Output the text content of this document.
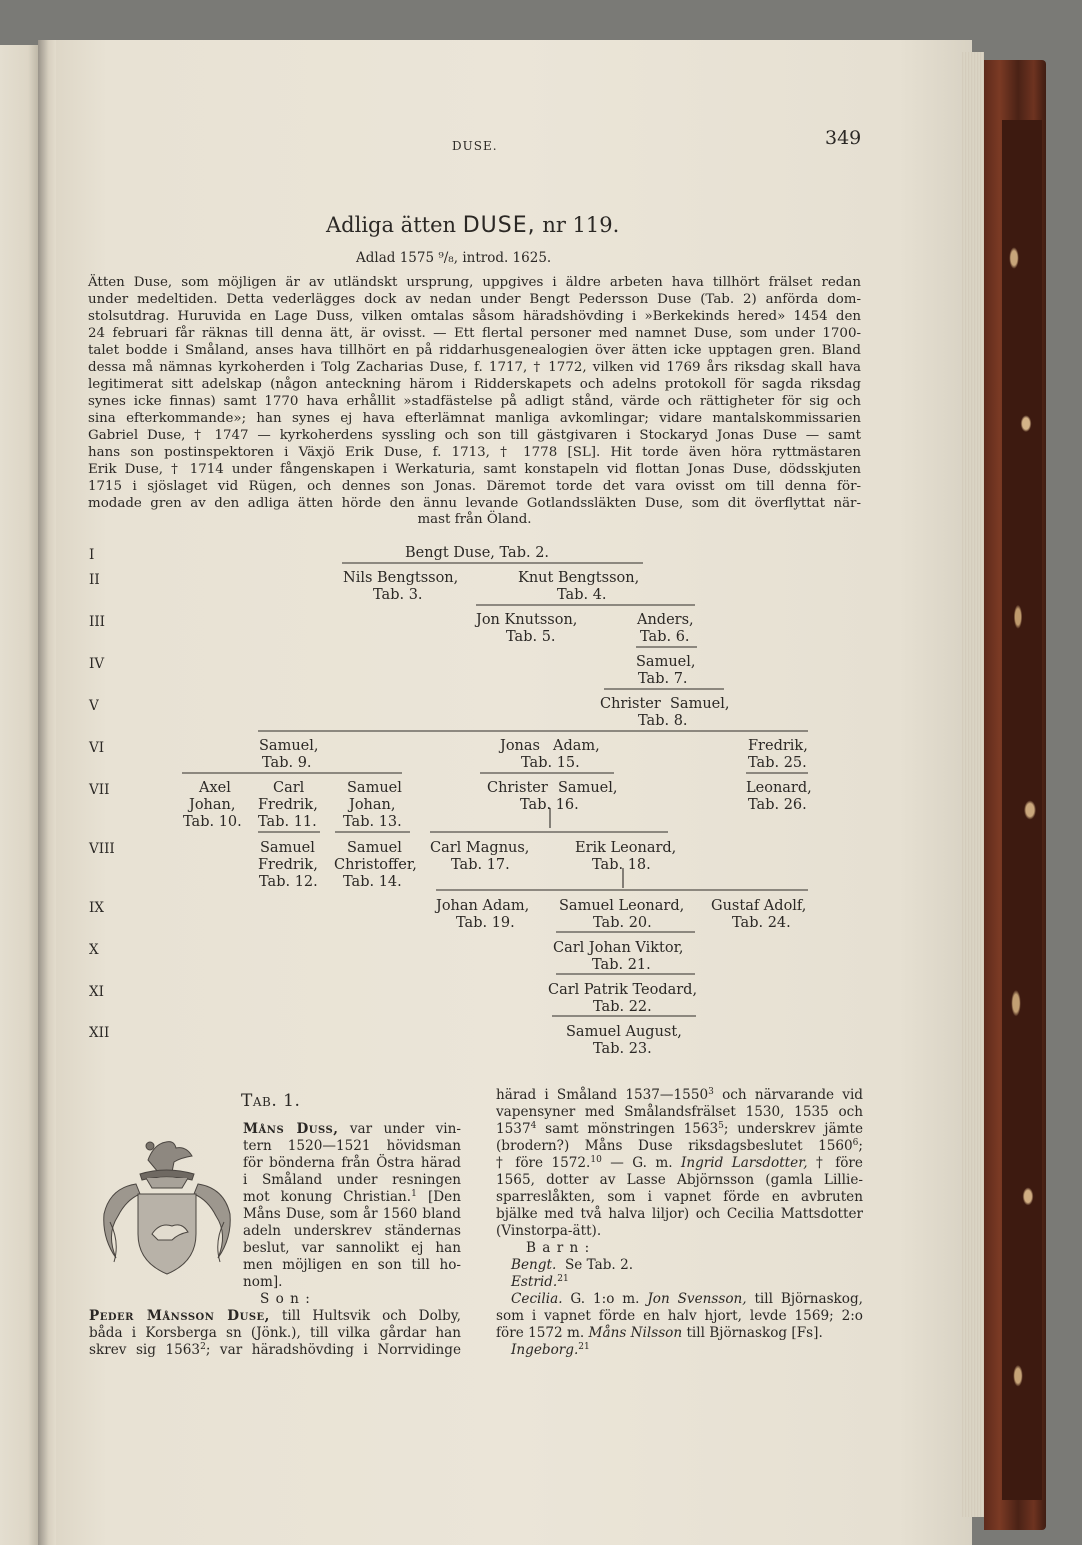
DUSE.	349
Adliga ätten DUSE, nr 119.
Adlad 1575 ⁹/₈, introd. 1625.
Ätten Duse, som möjligen är av utländskt ursprung, uppgives i äldre arbeten hava tillhört frälset redan
under medeltiden. Detta vederlägges dock av nedan under Bengt Pedersson Duse (Tab. 2) anförda dom-
stolsutdrag. Huruvida en Lage Duss, vilken omtalas såsom häradshövding i »Berkekinds hered» 1454 den
24 februari får räknas till denna ätt, är ovisst. — Ett flertal personer med namnet Duse, som under 1700-
talet bodde i Småland, anses hava tillhört en på riddarhusgenealogien över ätten icke upptagen gren. Bland
dessa må nämnas kyrkoherden i Tolg Zacharias Duse, f. 1717, † 1772, vilken vid 1769 års riksdag skall hava
legitimerat sitt adelskap (någon anteckning härom i Ridderskapets och adelns protokoll för sagda riksdag
synes icke finnas) samt 1770 hava erhållit »stadfästelse på adligt stånd, värde och rättigheter för sig och
sina efterkommande»; han synes ej hava efterlämnat manliga avkomlingar; vidare mantalskommissarien
Gabriel Duse, † 1747 — kyrkoherdens syssling och son till gästgivaren i Stockaryd Jonas Duse — samt
hans son postinspektoren i Växjö Erik Duse, f. 1713, † 1778 [SL]. Hit torde även höra ryttmästaren
Erik Duse, † 1714 under fångenskapen i Werkaturia, samt konstapeln vid flottan Jonas Duse, dödsskjuten
1715 i sjöslaget vid Rügen, och dennes son Jonas. Däremot torde det vara ovisst om till denna för-
modade gren av den adliga ätten hörde den ännu levande Gotlandssläkten Duse, som dit överflyttat när-
mast från Öland.
I
II
III
IV
V
VI
VII
VIII
IX
X
XI
XII
Bengt Duse, Tab. 2.
Nils Bengtsson,
Tab. 3.
Knut Bengtsson,
Tab. 4.
Jon Knutsson,
Tab. 5.
Anders,
Tab. 6.
Samuel,
Tab. 7.
Christer Samuel,
Tab. 8.
Samuel,
Tab. 9.
Jonas Adam,
Tab. 15.
Fredrik,
Tab. 25.
Axel
Johan,
Tab. 10.
Carl
Fredrik,
Tab. 11.
Samuel
Johan,
Tab. 13.
Christer Samuel,
Tab. 16.
Leonard,
Tab. 26.
Samuel
Fredrik,
Tab. 12.
Samuel
Christoffer,
Tab. 14.
Carl Magnus,
Tab. 17.
Erik Leonard,
Tab. 18.
Johan Adam,
Tab. 19.
Samuel Leonard,
Tab. 20.
Gustaf Adolf,
Tab. 24.
Carl Johan Viktor,
Tab. 21.
Carl Patrik Teodard,
Tab. 22.
Samuel August,
Tab. 23.
Tab. 1.
Måns Duss, var under vin-
tern 1520—1521 hövidsman
för bönderna från Östra härad
i Småland under resningen
mot konung Christian.$^1$ [Den
Måns Duse, som år 1560 bland
adeln underskrev ständernas
beslut, var sannolikt ej han
men möjligen en son till ho-
nom].
S o n :
Peder Månsson Duse, till Hultsvik och Dolby,
båda i Korsberga sn (Jönk.), till vilka gårdar han
skrev sig 1563$^2$; var häradshövding i Norrvidinge
härad i Småland 1537—1550$^3$ och närvarande vid
vapensyner med Smålandsfrälset 1530, 1535 och
1537$^4$ samt mönstringen 1563$^5$; underskrev jämte
(brodern?) Måns Duse riksdagsbeslutet 1560$^6$;
† före 1572.10 — G. m. Ingrid Larsdotter, † före
1565, dotter av Lasse Abjörnsson (gamla Lillie-
sparreslåkten, som i vapnet förde en avbruten
bjälke med två halva liljor) och Cecilia Mattsdotter
(Vinstorpa-ätt).
B a r n :
Bengt. Se Tab. 2.
Estrid.$^{21}$
Cecilia. G. 1:o m. Jon Svensson, till Björnaskog,
som i vapnet förde en halv hjort, levde 1569; 2:o
före 1572 m. Måns Nilsson till Björnaskog [Fs].
Ingeborg.$^{21}$
